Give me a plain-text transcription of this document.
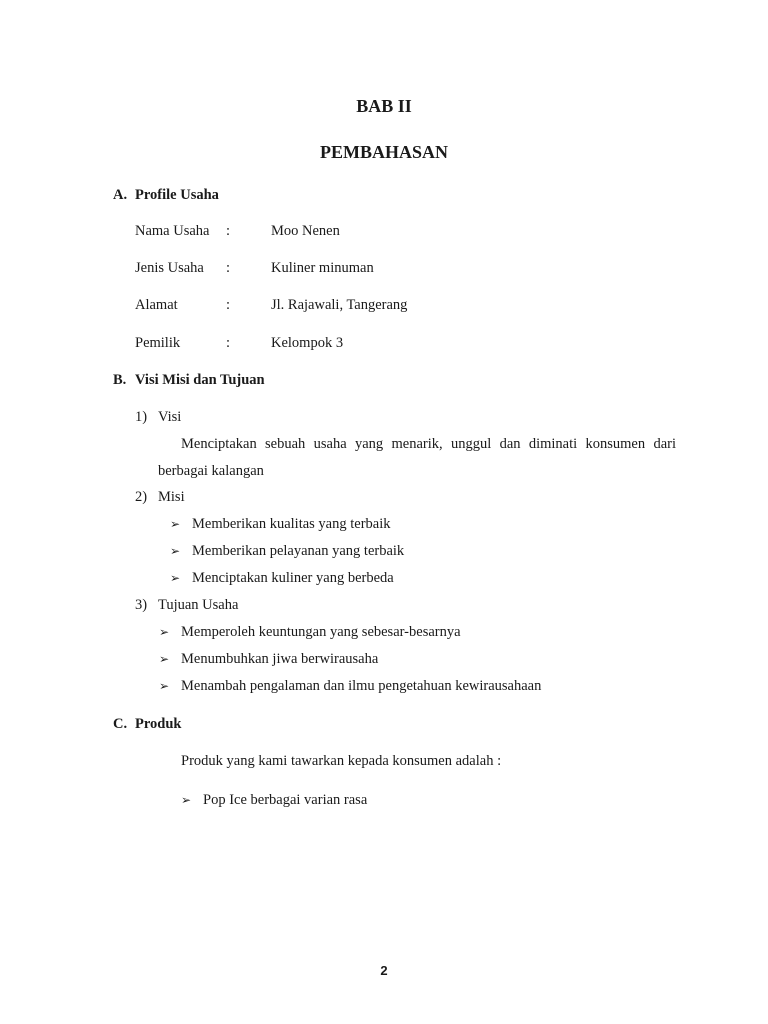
BAB II
PEMBAHASAN
A. Profile Usaha
Nama Usaha :	Moo Nenen
Jenis Usaha :	Kuliner minuman
Alamat	:	Jl. Rajawali, Tangerang
Pemilik	:	Kelompok 3
B. Visi Misi dan Tujuan
1) Visi
Menciptakan sebuah usaha yang menarik, unggul dan diminati konsumen dari
berbagai kalangan
2) Misi
➢ Memberikan kualitas yang terbaik
➢ Memberikan pelayanan yang terbaik
➢ Menciptakan kuliner yang berbeda
3) Tujuan Usaha
➢ Memperoleh keuntungan yang sebesar-besarnya
➢ Menumbuhkan jiwa berwirausaha
➢ Menambah pengalaman dan ilmu pengetahuan kewirausahaan
C. Produk
Produk yang kami tawarkan kepada konsumen adalah :
➢ Pop Ice berbagai varian rasa
2
